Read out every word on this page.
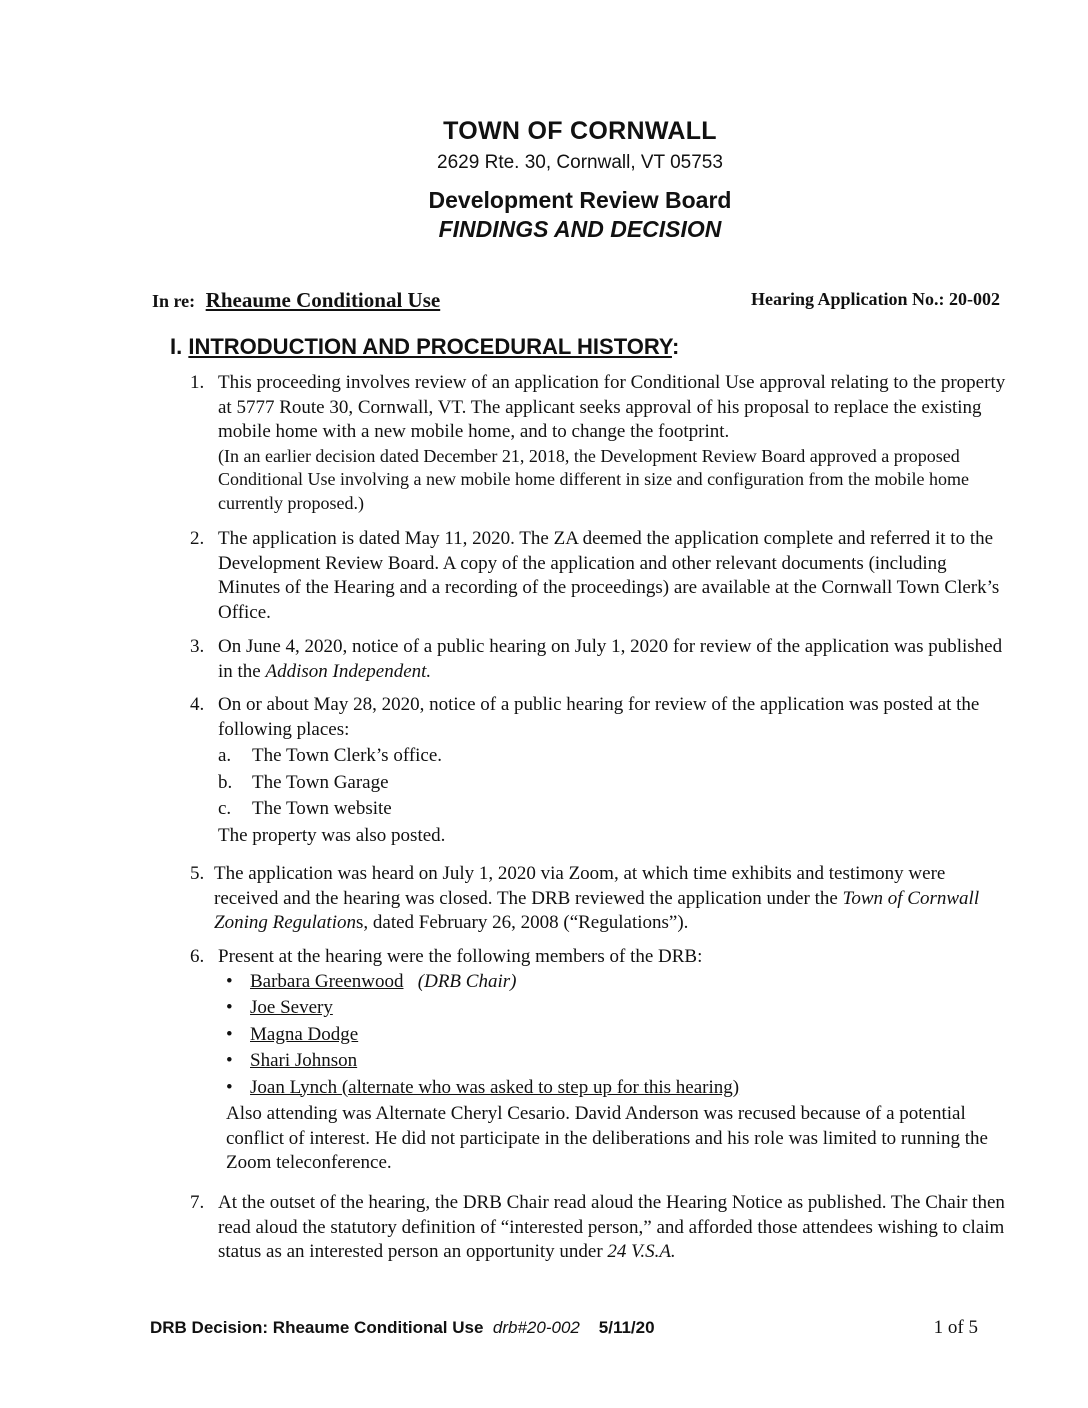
TOWN OF CORNWALL
2629 Rte. 30, Cornwall, VT 05753
Development Review Board
FINDINGS AND DECISION
In re: Rheaume Conditional Use	Hearing Application No.: 20-002
I. INTRODUCTION AND PROCEDURAL HISTORY:
1. This proceeding involves review of an application for Conditional Use approval relating to the property at 5777 Route 30, Cornwall, VT. The applicant seeks approval of his proposal to replace the existing mobile home with a new mobile home, and to change the footprint.
(In an earlier decision dated December 21, 2018, the Development Review Board approved a proposed Conditional Use involving a new mobile home different in size and configuration from the mobile home currently proposed.)
2. The application is dated May 11, 2020. The ZA deemed the application complete and referred it to the Development Review Board. A copy of the application and other relevant documents (including Minutes of the Hearing and a recording of the proceedings) are available at the Cornwall Town Clerk’s Office.
3. On June 4, 2020, notice of a public hearing on July 1, 2020 for review of the application was published in the Addison Independent.
4. On or about May 28, 2020, notice of a public hearing for review of the application was posted at the following places:
a. The Town Clerk’s office.
b. The Town Garage
c. The Town website
The property was also posted.
5. The application was heard on July 1, 2020 via Zoom, at which time exhibits and testimony were received and the hearing was closed. The DRB reviewed the application under the Town of Cornwall Zoning Regulations, dated February 26, 2008 (“Regulations”).
6. Present at the hearing were the following members of the DRB:
• Barbara Greenwood (DRB Chair)
• Joe Severy
• Magna Dodge
• Shari Johnson
• Joan Lynch (alternate who was asked to step up for this hearing)
Also attending was Alternate Cheryl Cesario. David Anderson was recused because of a potential conflict of interest. He did not participate in the deliberations and his role was limited to running the Zoom teleconference.
7. At the outset of the hearing, the DRB Chair read aloud the Hearing Notice as published. The Chair then read aloud the statutory definition of “interested person,” and afforded those attendees wishing to claim status as an interested person an opportunity under 24 V.S.A.
DRB Decision: Rheaume Conditional Use drb#20-002 5/11/20	1 of 5
